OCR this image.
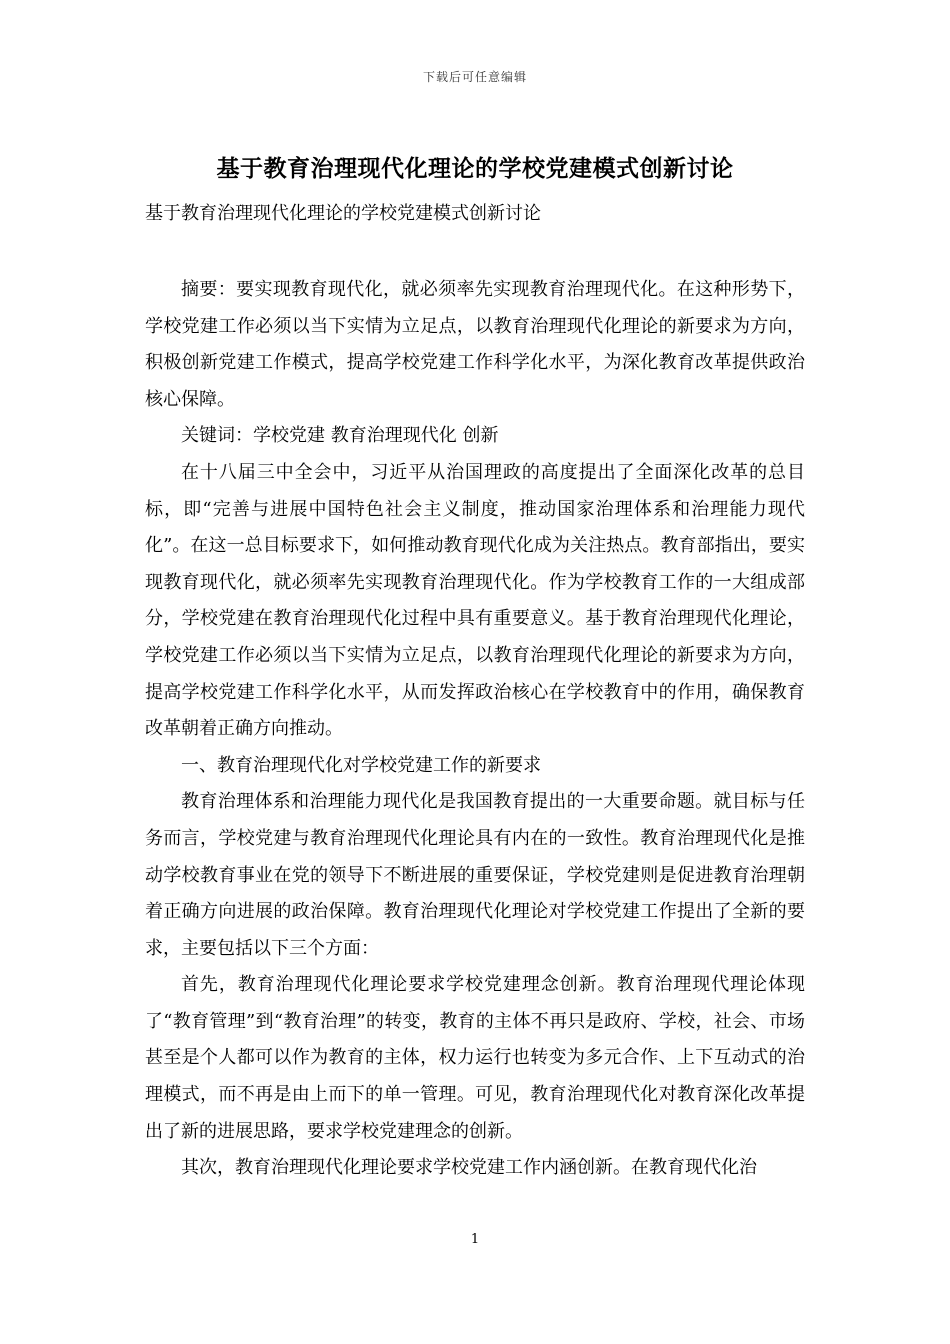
下载后可任意编辑
基于教育治理现代化理论的学校党建模式创新讨论
基于教育治理现代化理论的学校党建模式创新讨论

摘要：要实现教育现代化，就必须率先实现教育治理现代化。在这种形势下，学校党建工作必须以当下实情为立足点，以教育治理现代化理论的新要求为方向，积极创新党建工作模式，提高学校党建工作科学化水平，为深化教育改革提供政治核心保障。

关键词：学校党建 教育治理现代化 创新

在十八届三中全会中，习近平从治国理政的高度提出了全面深化改革的总目标，即“完善与进展中国特色社会主义制度，推动国家治理体系和治理能力现代化”。在这一总目标要求下，如何推动教育现代化成为关注热点。教育部指出，要实现教育现代化，就必须率先实现教育治理现代化。作为学校教育工作的一大组成部分，学校党建在教育治理现代化过程中具有重要意义。基于教育治理现代化理论，学校党建工作必须以当下实情为立足点，以教育治理现代化理论的新要求为方向，提高学校党建工作科学化水平，从而发挥政治核心在学校教育中的作用，确保教育改革朝着正确方向推动。

一、教育治理现代化对学校党建工作的新要求

教育治理体系和治理能力现代化是我国教育提出的一大重要命题。就目标与任务而言，学校党建与教育治理现代化理论具有内在的一致性。教育治理现代化是推动学校教育事业在党的领导下不断进展的重要保证，学校党建则是促进教育治理朝着正确方向进展的政治保障。教育治理现代化理论对学校党建工作提出了全新的要求，主要包括以下三个方面：

首先，教育治理现代化理论要求学校党建理念创新。教育治理现代理论体现了“教育管理”到“教育治理”的转变，教育的主体不再只是政府、学校，社会、市场甚至是个人都可以作为教育的主体，权力运行也转变为多元合作、上下互动式的治理模式，而不再是由上而下的单一管理。可见，教育治理现代化对教育深化改革提出了新的进展思路，要求学校党建理念的创新。

其次，教育治理现代化理论要求学校党建工作内涵创新。在教育现代化治

1
